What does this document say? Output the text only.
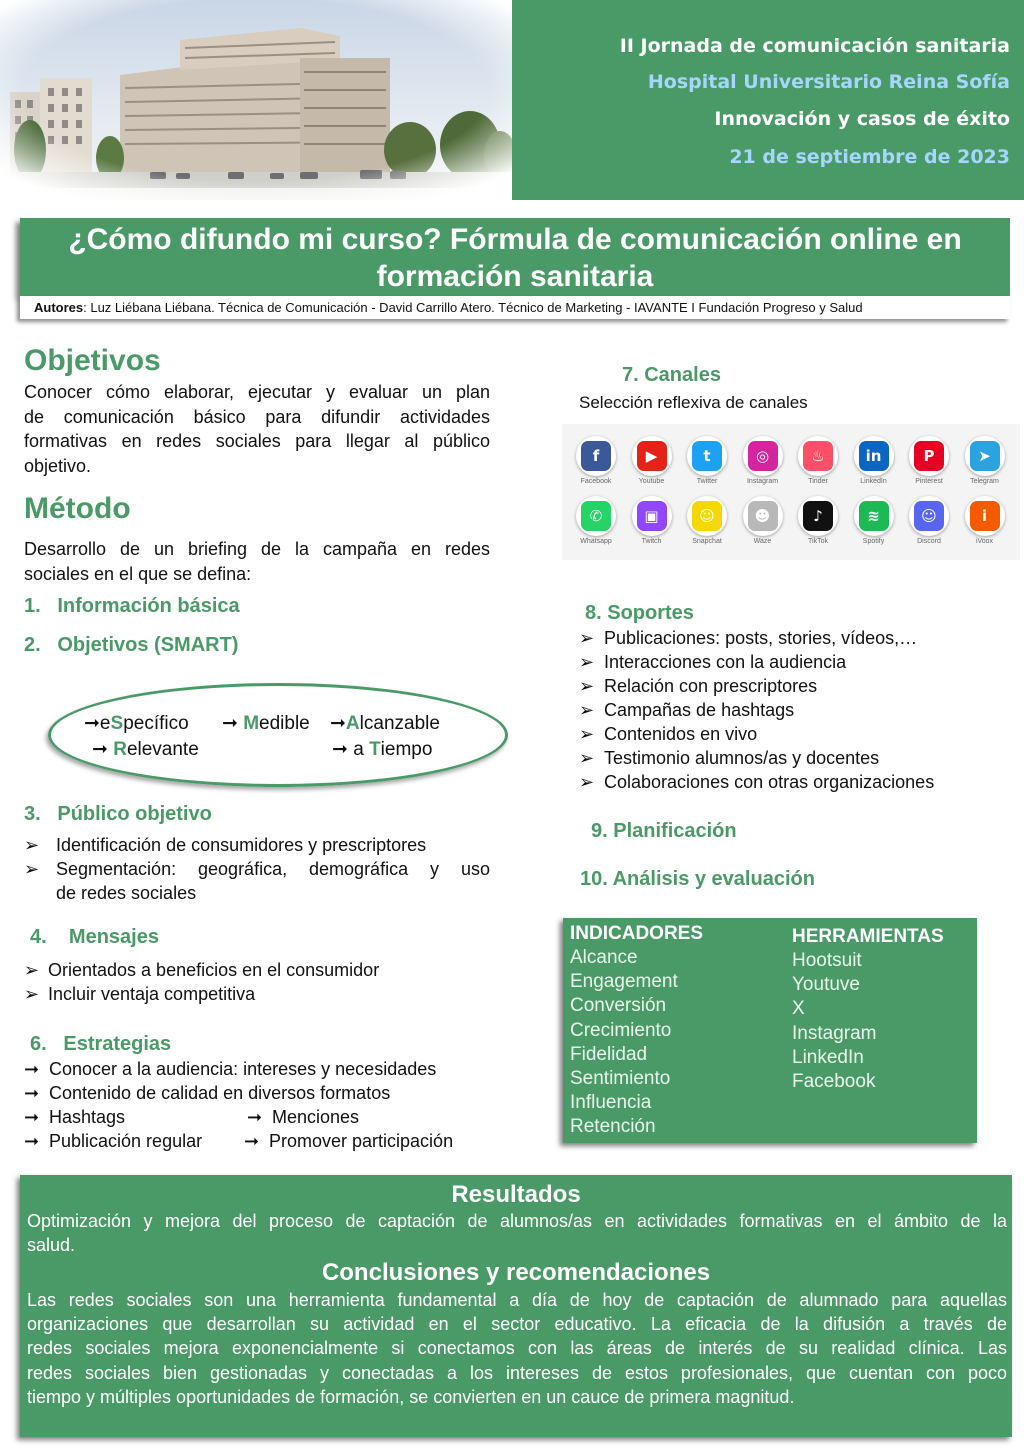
II Jornada de comunicación sanitaria
Hospital Universitario Reina Sofía
Innovación y casos de éxito
21 de septiembre de 2023
¿Cómo difundo mi curso? Fórmula de comunicación online en
formación sanitaria
Autores: Luz Liébana Liébana. Técnica de Comunicación - David Carrillo Atero. Técnico de Marketing - IAVANTE I Fundación Progreso y Salud
Objetivos
Conocer cómo elaborar, ejecutar y evaluar un plan
de comunicación básico para difundir actividades
formativas en redes sociales para llegar al público
objetivo.
Método
Desarrollo de un briefing de la campaña en redes
sociales en el que se defina:
1.   Información básica
2.   Objetivos (SMART)
➞eSpecífico ➞ Medible ➞Alcanzable
➞ Relevante	➞ a Tiempo
3.   Público objetivo
➢ Identificación de consumidores y prescriptores
➢ Segmentación: geográfica, demográfica y uso
de redes sociales
4.    Mensajes
➢ Orientados a beneficios en el consumidor
➢ Incluir ventaja competitiva
6.   Estrategias
➞ Conocer a la audiencia: intereses y necesidades
➞ Contenido de calidad en diversos formatos
➞ Hashtags	➞ Menciones
➞ Publicación regular ➞ Promover participación
7. Canales
Selección reflexiva de canales
f
Facebook
▶
Youtube
t
Twitter
◎
Instagram
♨
Tinder
in
LinkedIn
P
Pinterest
➤
Telegram
✆
Whatsapp
▣
Twitch
☺
Snapchat
☻
Waze
♪
TikTok
≋
Spotify
☺
Discord
i
iVoox
8. Soportes
➢ Publicaciones: posts, stories, vídeos,…
➢ Interacciones con la audiencia
➢ Relación con prescriptores
➢ Campañas de hashtags
➢ Contenidos en vivo
➢ Testimonio alumnos/as y docentes
➢ Colaboraciones con otras organizaciones
9. Planificación
10. Análisis y evaluación
INDICADORES
Alcance
Engagement
Conversión
Crecimiento
Fidelidad
Sentimiento
Influencia
Retención
HERRAMIENTAS
Hootsuit
Youtuve
X
Instagram
LinkedIn
Facebook
Resultados
Optimización y mejora del proceso de captación de alumnos/as en actividades formativas en el ámbito de la
salud.
Conclusiones y recomendaciones
Las redes sociales son una herramienta fundamental a día de hoy de captación de alumnado para aquellas
organizaciones que desarrollan su actividad en el sector educativo. La eficacia de la difusión a través de
redes sociales mejora exponencialmente si conectamos con las áreas de interés de su realidad clínica. Las
redes sociales bien gestionadas y conectadas a los intereses de estos profesionales, que cuentan con poco
tiempo y múltiples oportunidades de formación, se convierten en un cauce de primera magnitud.
